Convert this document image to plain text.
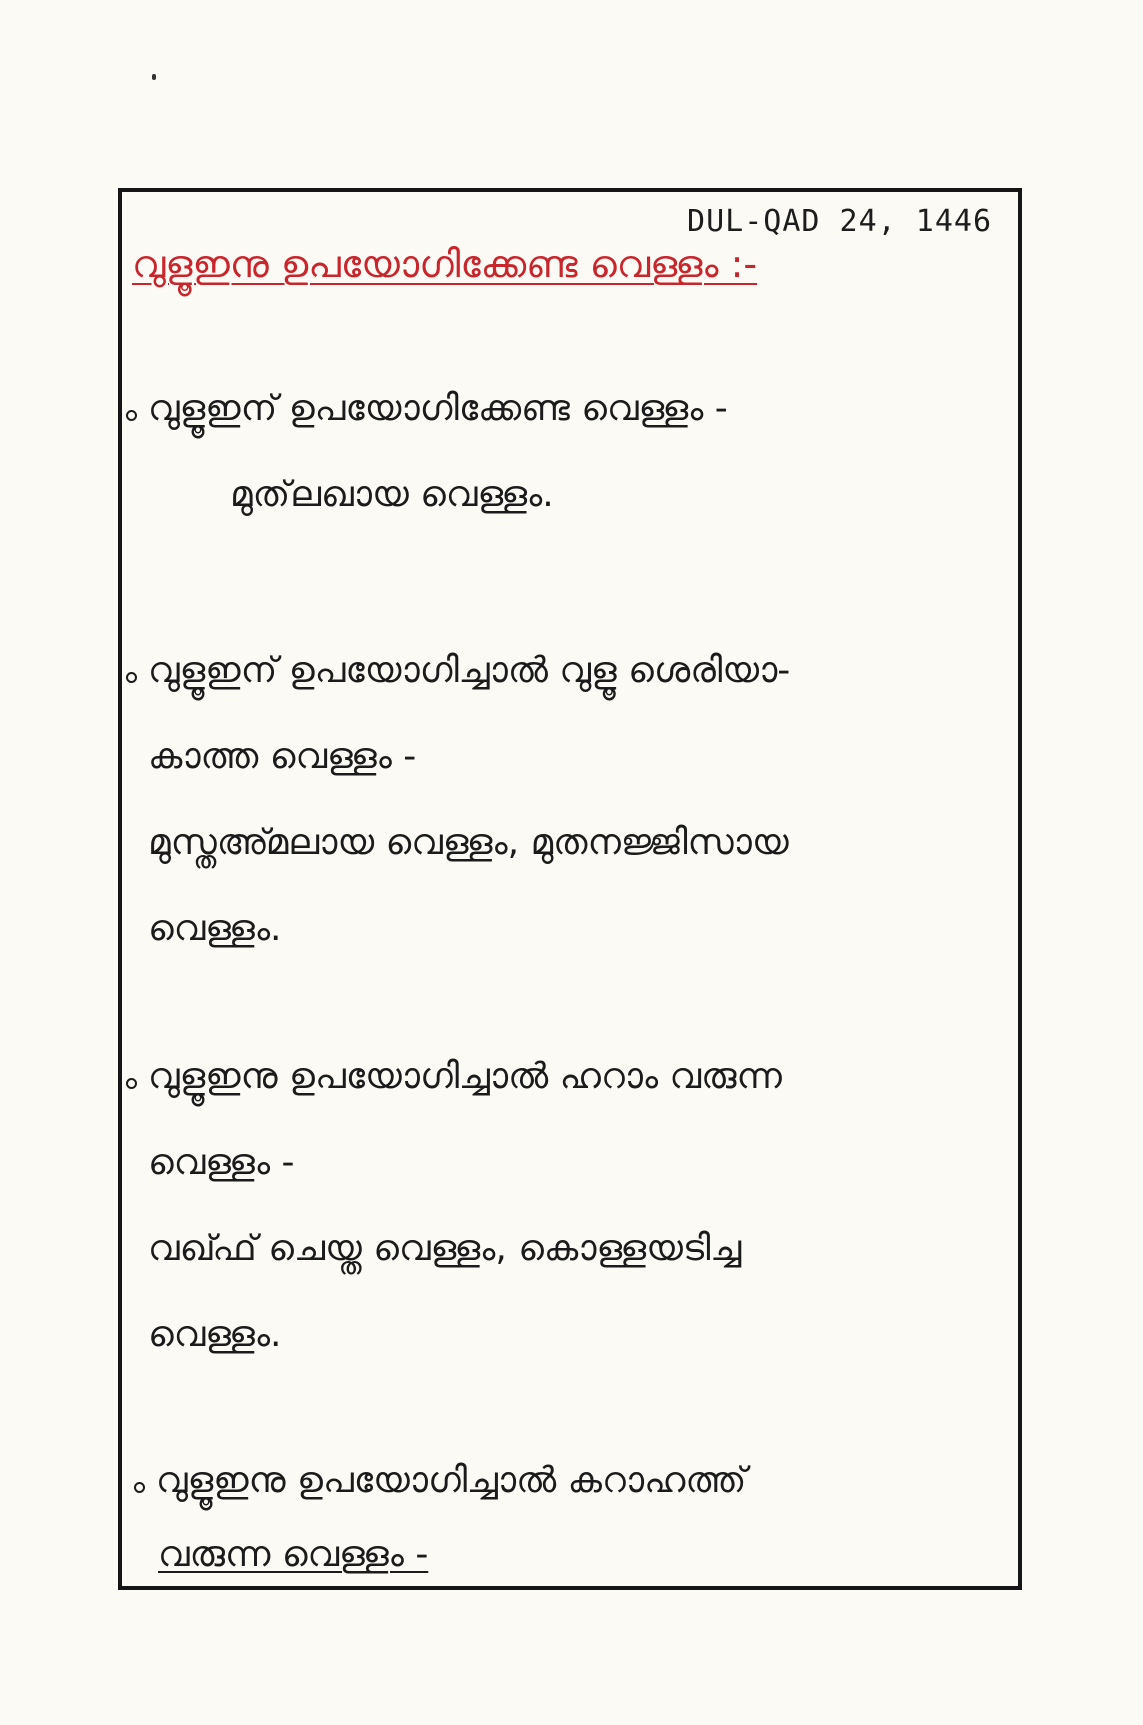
DUL-QAD 24, 1446
വുളൂഇനു ഉപയോഗിക്കേണ്ട വെള്ളം :-
വുളൂഇന് ഉപയോഗിക്കേണ്ട വെള്ളം -
മുത്‌ലഖായ വെള്ളം.
വുളൂഇന് ഉപയോഗിച്ചാൽ വുളൂ ശെരിയാ-
കാത്ത വെള്ളം -
മുസ്തഅ്മലായ വെള്ളം, മുതനജ്ജിസായ
വെള്ളം.
വുളൂഇനു ഉപയോഗിച്ചാൽ ഹറാം വരുന്ന
വെള്ളം -
വഖ്ഫ് ചെയ്ത വെള്ളം, കൊള്ളയടിച്ച
വെള്ളം.
വുളൂഇനു ഉപയോഗിച്ചാൽ കറാഹത്ത്
വരുന്ന വെള്ളം -
